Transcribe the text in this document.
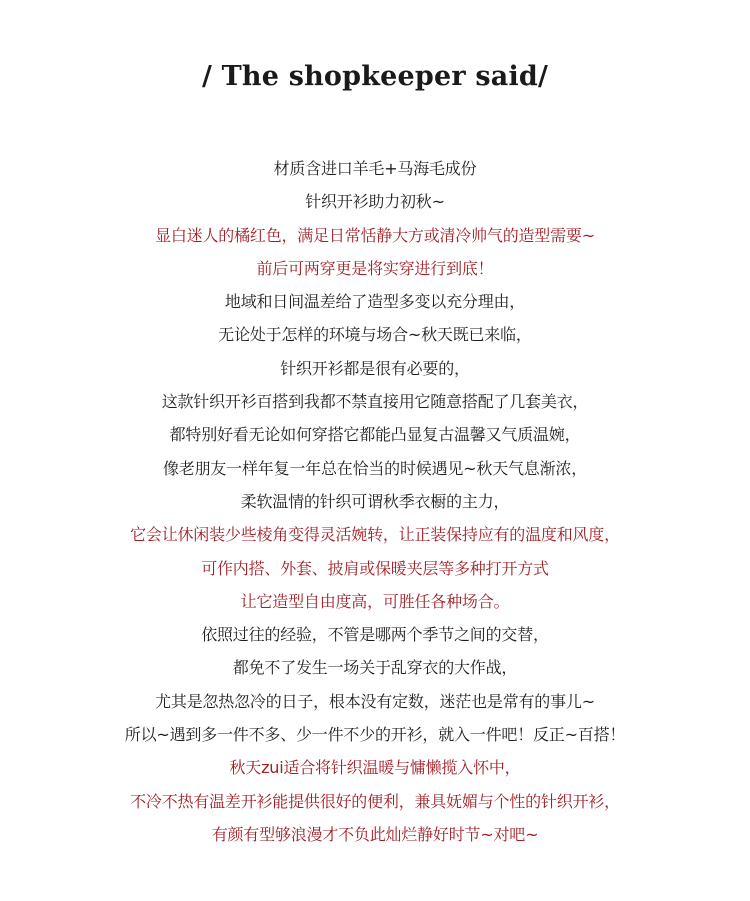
/ The shopkeeper said/
材质含进口羊毛+马海毛成份
针织开衫助力初秋~
显白迷人的橘红色，满足日常恬静大方或清冷帅气的造型需要~
前后可两穿更是将实穿进行到底！
地域和日间温差给了造型多变以充分理由，
无论处于怎样的环境与场合~秋天既已来临，
针织开衫都是很有必要的，
这款针织开衫百搭到我都不禁直接用它随意搭配了几套美衣，
都特别好看无论如何穿搭它都能凸显复古温馨又气质温婉，
像老朋友一样年复一年总在恰当的时候遇见~秋天气息渐浓，
柔软温情的针织可谓秋季衣橱的主力，
它会让休闲装少些棱角变得灵活婉转，让正装保持应有的温度和风度，
可作内搭、外套、披肩或保暖夹层等多种打开方式
让它造型自由度高，可胜任各种场合。
依照过往的经验，不管是哪两个季节之间的交替，
都免不了发生一场关于乱穿衣的大作战，
尤其是忽热忽冷的日子，根本没有定数，迷茫也是常有的事儿~
所以~遇到多一件不多、少一件不少的开衫，就入一件吧！反正~百搭！
秋天zui适合将针织温暖与慵懒揽入怀中，
不冷不热有温差开衫能提供很好的便利，兼具妩媚与个性的针织开衫，
有颜有型够浪漫才不负此灿烂静好时节~对吧~
